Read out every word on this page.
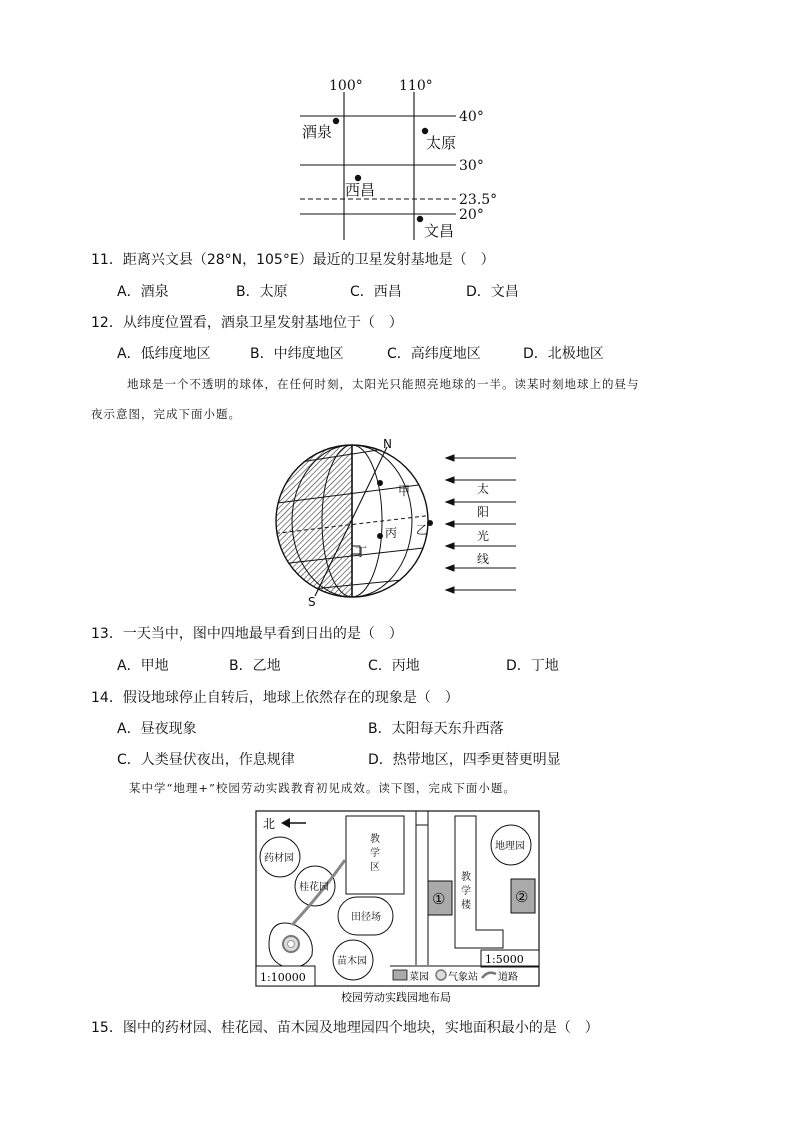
100°	110°
40°
30°
23.5°
20°
酒泉
太原
西昌
文昌
11．距离兴文县（28°N，105°E）最近的卫星发射基地是（　）
A．酒泉	B．太原	C．西昌	D．文昌
12．从纬度位置看，酒泉卫星发射基地位于（　）
A．低纬度地区	B．中纬度地区	C．高纬度地区	D．北极地区
地球是一个不透明的球体，在任何时刻，太阳光只能照亮地球的一半。读某时刻地球上的昼与
夜示意图，完成下面小题。
N
S
甲
乙
丙
丁
太
阳
光
线
13．一天当中，图中四地最早看到日出的是（　）
A．甲地	B．乙地	C．丙地	D．丁地
14．假设地球停止自转后，地球上依然存在的现象是（　）
A．昼夜现象	B．太阳每天东升西落
C．人类昼伏夜出，作息规律	D．热带地区，四季更替更明显
某中学“地理+”校园劳动实践教育初见成效。读下图，完成下面小题。
北
药材园
桂花园
田径场
苗木园
地理园
①	②
教
学
区
教
学
楼
1:5000
1:10000	菜园 气象站 道路
校园劳动实践园地布局
15．图中的药材园、桂花园、苗木园及地理园四个地块，实地面积最小的是（　）
